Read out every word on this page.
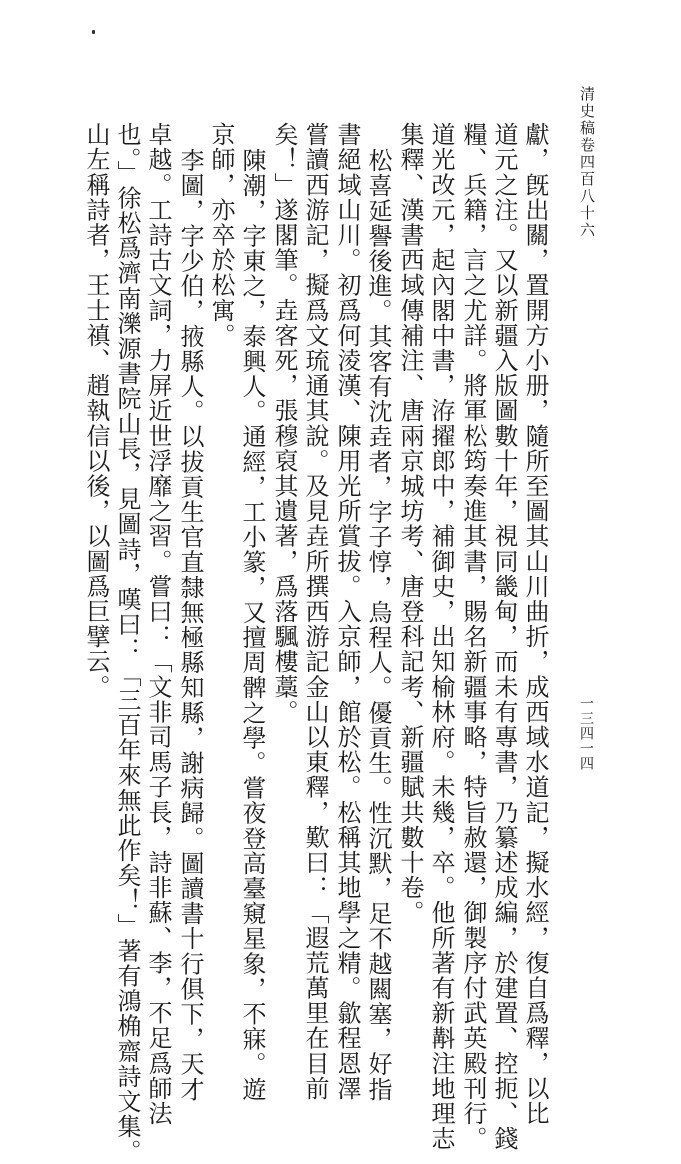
清史稿卷四百八十六
一三四一四
獻，旣出關，置開方小册，隨所至圖其山川曲折，成西域水道記，擬水經，復自爲釋，以比
道元之注。又以新疆入版圖數十年，視同畿甸，而未有專書，乃纂述成編，於建置、控扼、錢
糧、兵籍，言之尤詳。將軍松筠奏進其書，賜名新疆事略，特旨赦還，御製序付武英殿刊行。
道光改元，起內閣中書，洊擢郎中，補御史，出知榆林府。未幾，卒。他所著有新斠注地理志
集釋、漢書西域傳補注、唐兩京城坊考、唐登科記考、新疆賦共數十卷。
松喜延譽後進。其客有沈垚者，字子惇，烏程人。優貢生。性沉默，足不越闗塞，好指
書絕域山川。初爲何淩漢、陳用光所賞拔。入京師，館於松。松稱其地學之精。歙程恩澤
嘗讀西游記，擬爲文琉通其說。及見垚所撰西游記金山以東釋，歎曰：「遐荒萬里在目前
矣！」遂閣筆。垚客死，張穆裒其遺著，爲落颿樓藁。
陳潮，字東之，泰興人。通經，工小篆，又擅周髀之學。嘗夜登高臺窺星象，不寐。遊
京師，亦卒於松寓。
李圖，字少伯，掖縣人。以拔貢生官直隸無極縣知縣，謝病歸。圖讀書十行俱下，天才
卓越。工詩古文詞，力屏近世浮靡之習。嘗曰：「文非司馬子長，詩非蘇、李，不足爲師法
也。」徐松爲濟南濼源書院山長，見圖詩，嘆曰：「三百年來無此作矣！」著有鴻桷齋詩文集。
山左稱詩者，王士禛、趙執信以後，以圖爲巨擘云。
